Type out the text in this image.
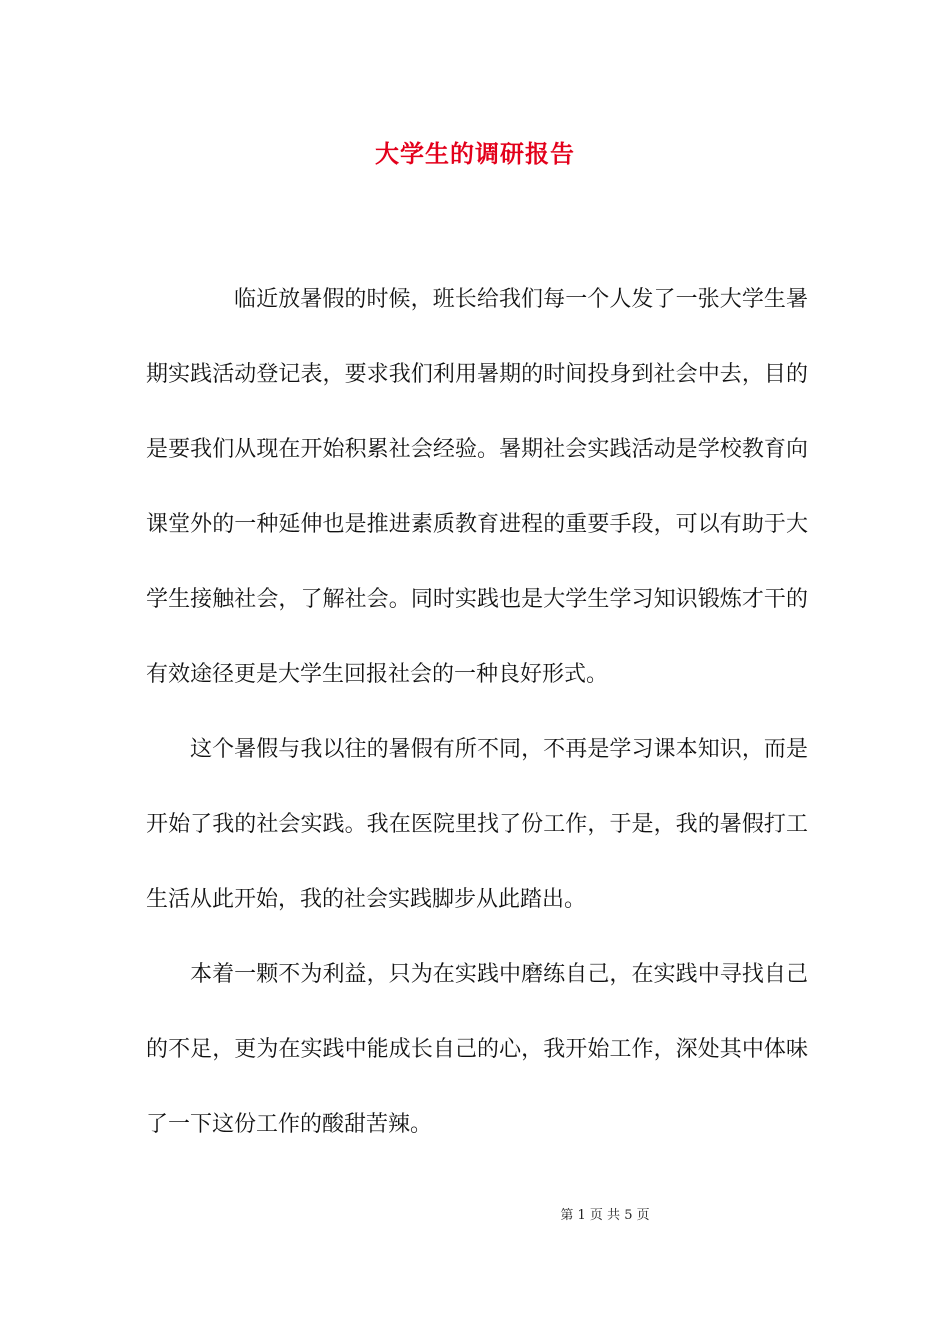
大学生的调研报告

临近放暑假的时候，班长给我们每一个人发了一张大学生暑期实践活动登记表，要求我们利用暑期的时间投身到社会中去，目的是要我们从现在开始积累社会经验。暑期社会实践活动是学校教育向课堂外的一种延伸也是推进素质教育进程的重要手段，可以有助于大学生接触社会，了解社会。同时实践也是大学生学习知识锻炼才干的有效途径更是大学生回报社会的一种良好形式。

这个暑假与我以往的暑假有所不同，不再是学习课本知识，而是开始了我的社会实践。我在医院里找了份工作，于是，我的暑假打工生活从此开始，我的社会实践脚步从此踏出。

本着一颗不为利益，只为在实践中磨练自己，在实践中寻找自己的不足，更为在实践中能成长自己的心，我开始工作，深处其中体味了一下这份工作的酸甜苦辣。

第 1 页 共 5 页
